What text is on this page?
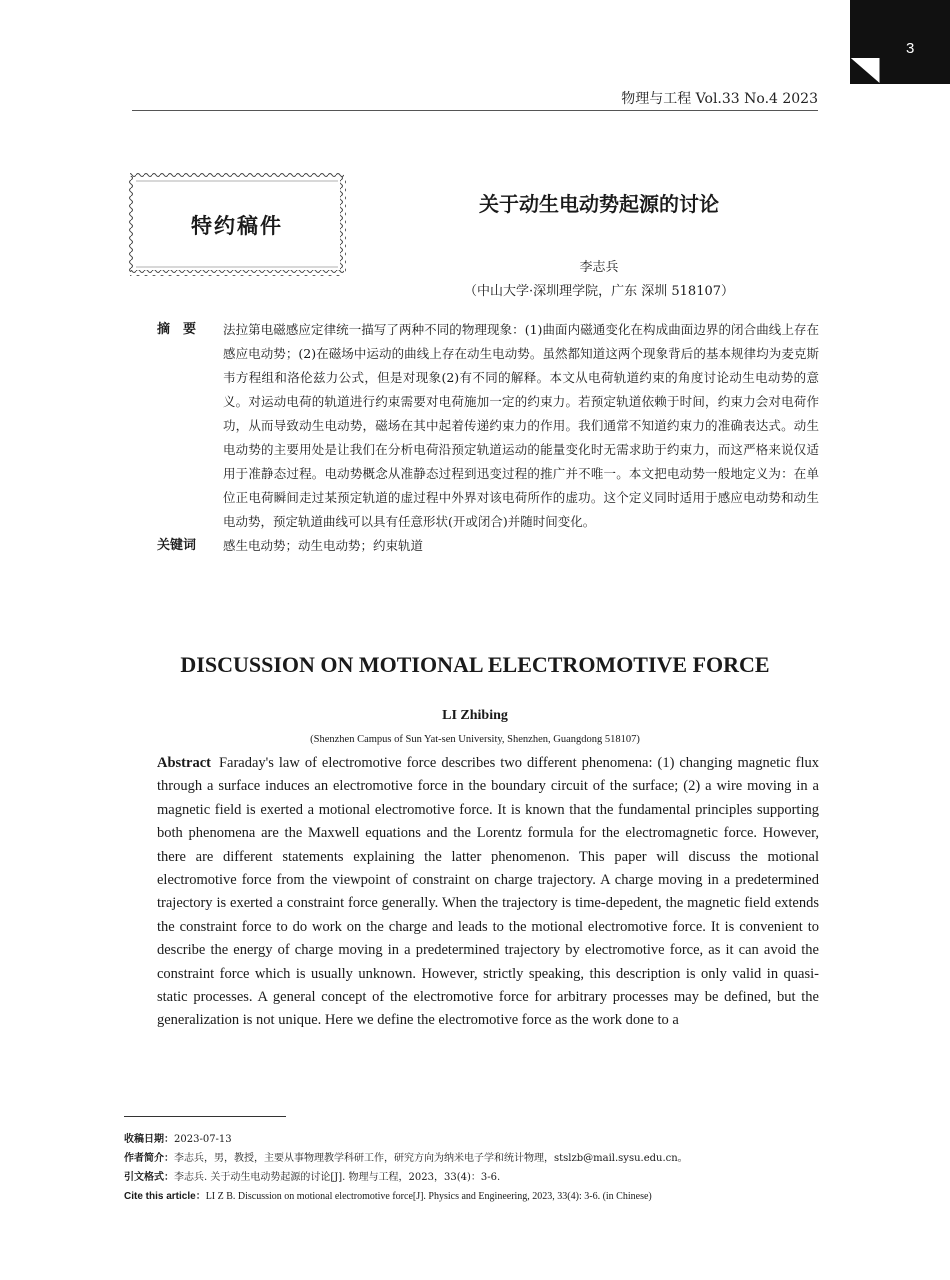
3
物理与工程 Vol.33 No.4 2023
特约稿件
关于动生电动势起源的讨论
李志兵
（中山大学·深圳理学院，广东 深圳 518107）
摘　要	法拉第电磁感应定律统一描写了两种不同的物理现象：(1)曲面内磁通变化在构成曲面边界的闭合曲线上存在感应电动势；(2)在磁场中运动的曲线上存在动生电动势。虽然都知道这两个现象背后的基本规律均为麦克斯韦方程组和洛伦兹力公式，但是对现象(2)有不同的解释。本文从电荷轨道约束的角度讨论动生电动势的意义。对运动电荷的轨道进行约束需要对电荷施加一定的约束力。若预定轨道依赖于时间，约束力会对电荷作功，从而导致动生电动势，磁场在其中起着传递约束力的作用。我们通常不知道约束力的准确表达式。动生电动势的主要用处是让我们在分析电荷沿预定轨道运动的能量变化时无需求助于约束力，而这严格来说仅适用于准静态过程。电动势概念从准静态过程到迅变过程的推广并不唯一。本文把电动势一般地定义为：在单位正电荷瞬间走过某预定轨道的虚过程中外界对该电荷所作的虚功。这个定义同时适用于感应电动势和动生电动势，预定轨道曲线可以具有任意形状(开或闭合)并随时间变化。
关键词	感生电动势；动生电动势；约束轨道
DISCUSSION ON MOTIONAL ELECTROMOTIVE FORCE
LI Zhibing
(Shenzhen Campus of Sun Yat-sen University, Shenzhen, Guangdong 518107)
Abstract Faraday's law of electromotive force describes two different phenomena: (1) changing magnetic flux through a surface induces an electromotive force in the boundary circuit of the surface; (2) a wire moving in a magnetic field is exerted a motional electromotive force. It is known that the fundamental principles supporting both phenomena are the Maxwell equations and the Lorentz formula for the electromagnetic force. However, there are different statements explaining the latter phenomenon. This paper will discuss the motional electromotive force from the viewpoint of constraint on charge trajectory. A charge moving in a predetermined trajectory is exerted a constraint force generally. When the trajectory is time-depedent, the magnetic field extends the constraint force to do work on the charge and leads to the motional electromotive force. It is convenient to describe the energy of charge moving in a predetermined trajectory by electromotive force, as it can avoid the constraint force which is usually unknown. However, strictly speaking, this description is only valid in quasi-static processes. A general concept of the electromotive force for arbitrary processes may be defined, but the generalization is not unique. Here we define the electromotive force as the work done to a
收稿日期：2023-07-13
作者简介：李志兵，男，教授，主要从事物理教学科研工作，研究方向为纳米电子学和统计物理，stslzb@mail.sysu.edu.cn。
引文格式：李志兵. 关于动生电动势起源的讨论[J]. 物理与工程，2023，33(4)：3-6.
Cite this article：LI Z B. Discussion on motional electromotive force[J]. Physics and Engineering, 2023, 33(4): 3-6. (in Chinese)
